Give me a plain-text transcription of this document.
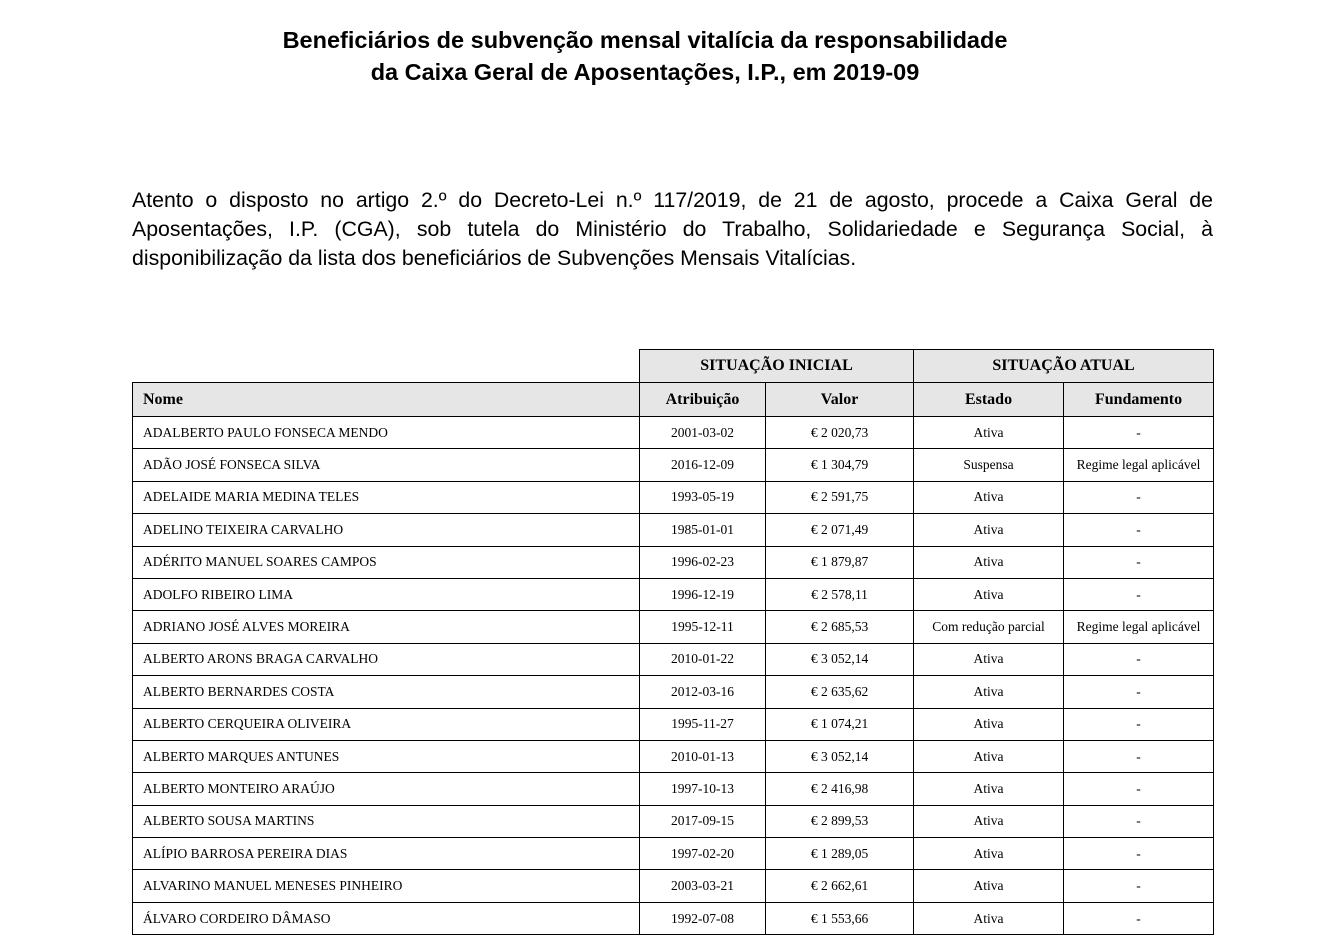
Beneficiários de subvenção mensal vitalícia da responsabilidade
da Caixa Geral de Aposentações, I.P., em 2019-09

Atento o disposto no artigo 2.º do Decreto-Lei n.º 117/2019, de 21 de agosto, procede a Caixa Geral de Aposentações, I.P. (CGA), sob tutela do Ministério do Trabalho, Solidariedade e Segurança Social, à disponibilização da lista dos beneficiários de Subvenções Mensais Vitalícias.

	SITUAÇÃO INICIAL		SITUAÇÃO ATUAL	
Nome	Atribuição	Valor	Estado	Fundamento
ADALBERTO PAULO FONSECA MENDO	2001-03-02	€ 2 020,73	Ativa	-
ADÃO JOSÉ FONSECA SILVA	2016-12-09	€ 1 304,79	Suspensa	Regime legal aplicável
ADELAIDE MARIA MEDINA TELES	1993-05-19	€ 2 591,75	Ativa	-
ADELINO TEIXEIRA CARVALHO	1985-01-01	€ 2 071,49	Ativa	-
ADÉRITO MANUEL SOARES CAMPOS	1996-02-23	€ 1 879,87	Ativa	-
ADOLFO RIBEIRO LIMA	1996-12-19	€ 2 578,11	Ativa	-
ADRIANO JOSÉ ALVES MOREIRA	1995-12-11	€ 2 685,53	Com redução parcial	Regime legal aplicável
ALBERTO ARONS BRAGA CARVALHO	2010-01-22	€ 3 052,14	Ativa	-
ALBERTO BERNARDES COSTA	2012-03-16	€ 2 635,62	Ativa	-
ALBERTO CERQUEIRA OLIVEIRA	1995-11-27	€ 1 074,21	Ativa	-
ALBERTO MARQUES ANTUNES	2010-01-13	€ 3 052,14	Ativa	-
ALBERTO MONTEIRO ARAÚJO	1997-10-13	€ 2 416,98	Ativa	-
ALBERTO SOUSA MARTINS	2017-09-15	€ 2 899,53	Ativa	-
ALÍPIO BARROSA PEREIRA DIAS	1997-02-20	€ 1 289,05	Ativa	-
ALVARINO MANUEL MENESES PINHEIRO	2003-03-21	€ 2 662,61	Ativa	-
ÁLVARO CORDEIRO DÂMASO	1992-07-08	€ 1 553,66	Ativa	-
